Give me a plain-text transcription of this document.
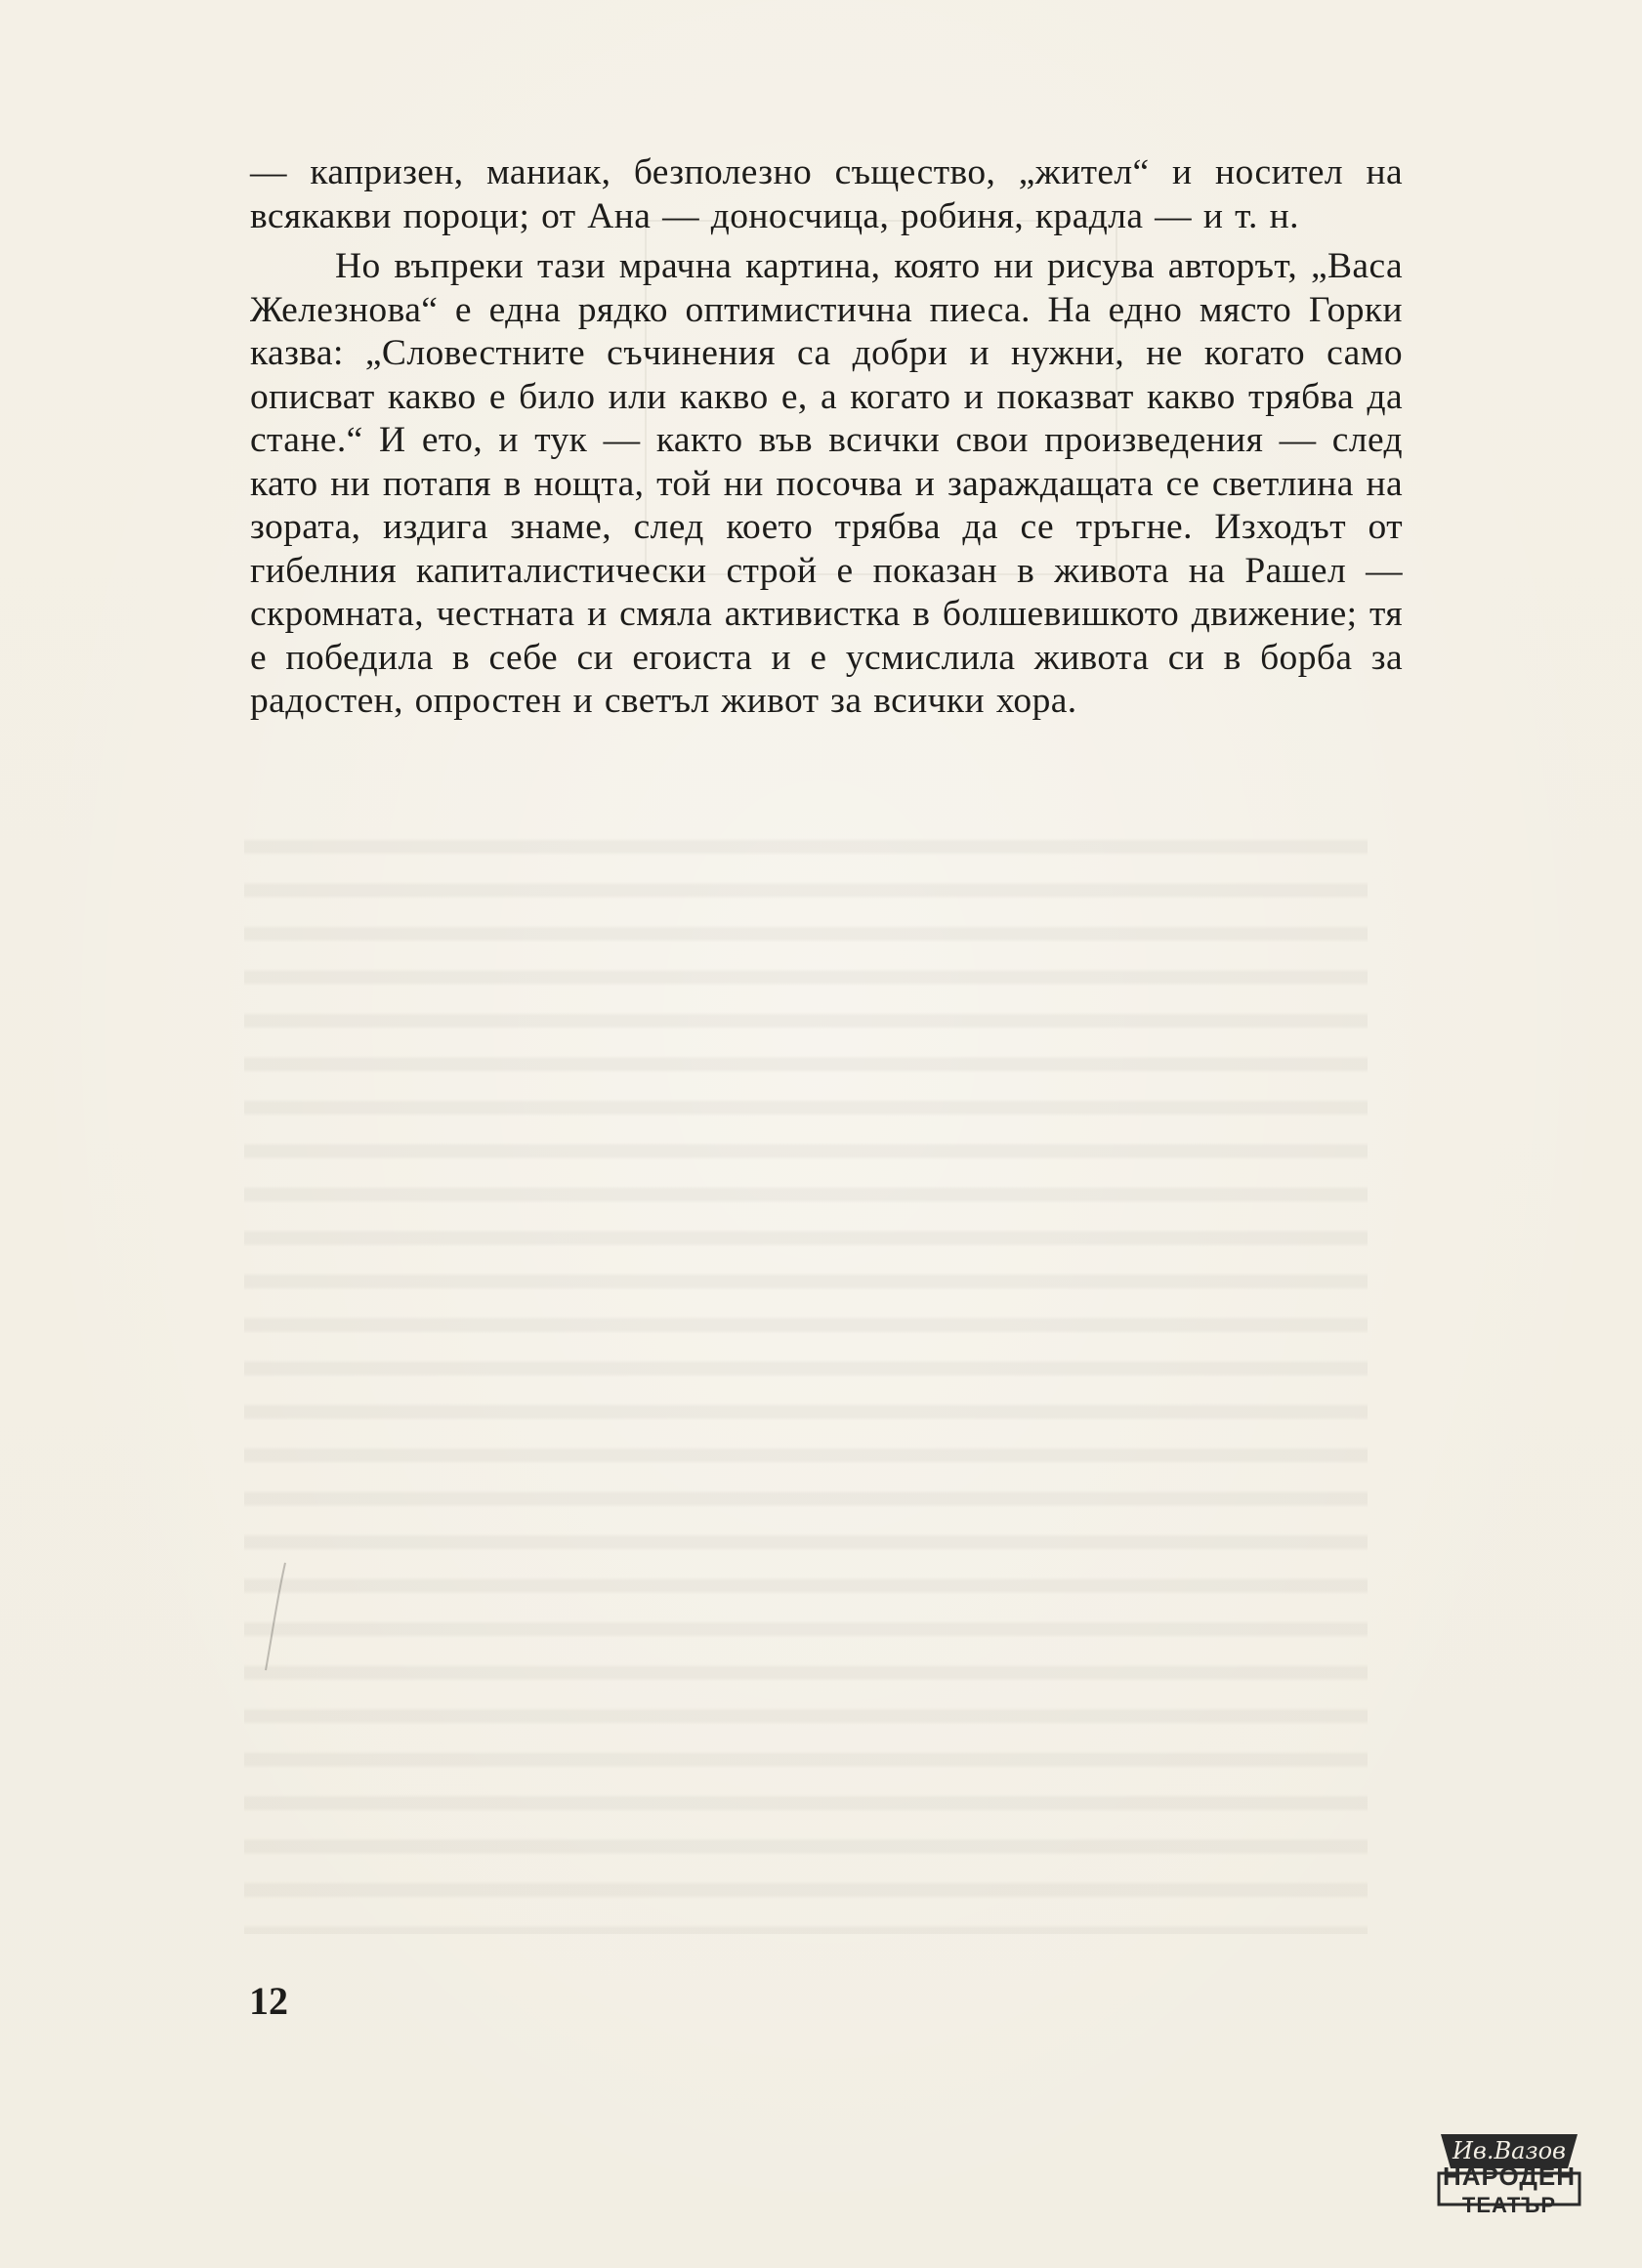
— капризен, маниак, безполезно същество, „жител“ и носител на всякакви пороци; от Ана — доносчица, робиня, крадла — и т. н.

Но въпреки тази мрачна картина, която ни рисува авторът, „Васа Железнова“ е една рядко оптимистична пиеса. На едно място Горки казва: „Словестните съчинения са добри и нужни, не когато само описват какво е било или какво е, а когато и показват какво трябва да стане.“ И ето, и тук — както във всички свои произведения — след като ни потапя в нощта, той ни посочва и зараждащата се светлина на зората, издига знаме, след което трябва да се тръгне. Изходът от гибелния капиталистически строй е показан в живота на Рашел — скромната, честната и смяла активистка в болшевишкото движение; тя е победила в себе си егоиста и е усмислила живота си в борба за радостен, опростен и светъл живот за всички хора.

12
Ив.Вазов
НАРОДЕН
ТЕАТЪР
